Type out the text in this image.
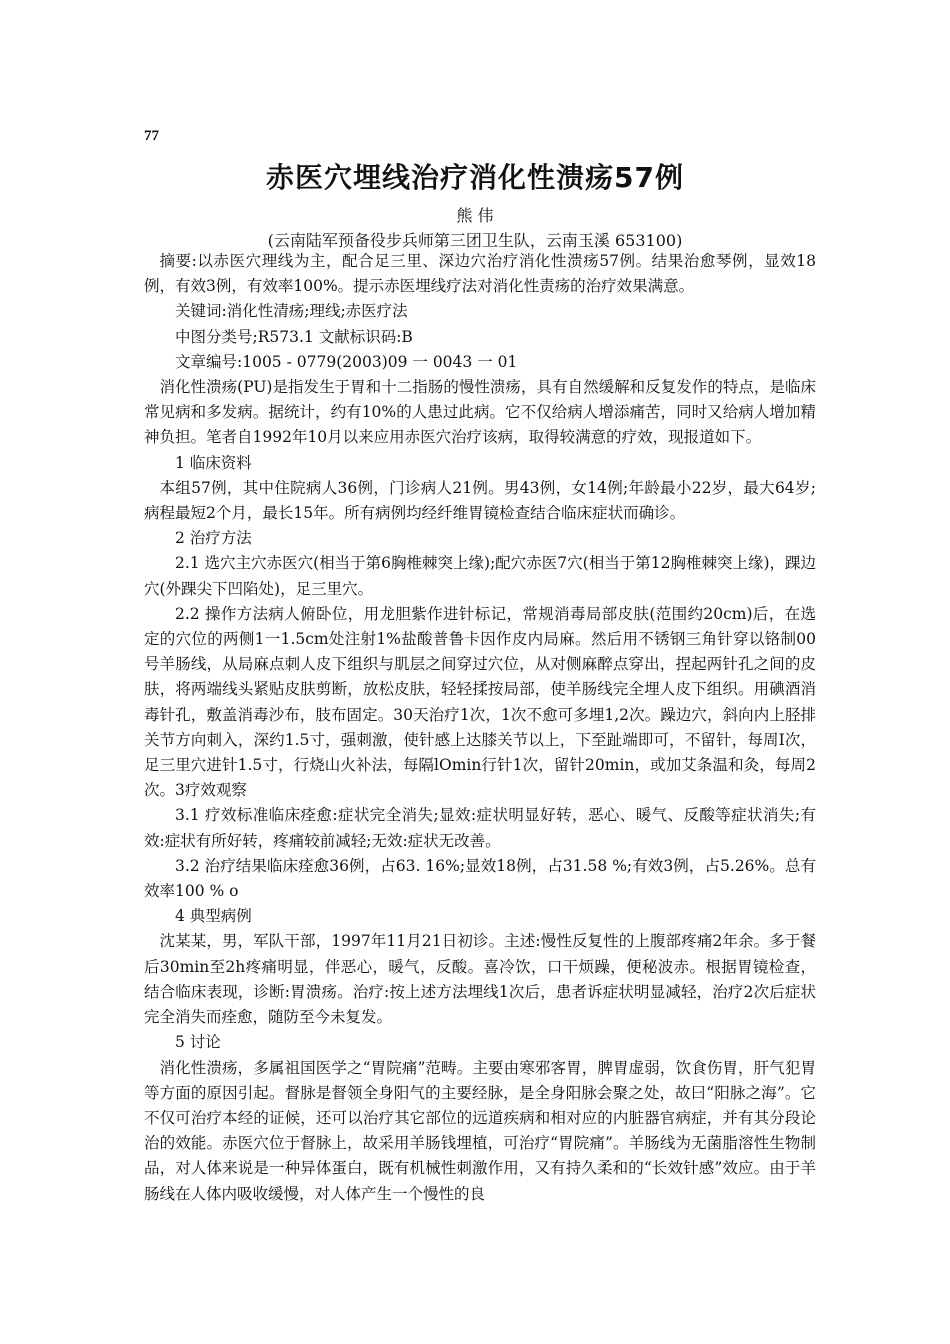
77
赤医穴埋线治疗消化性溃疡57例
熊 伟
(云南陆军预备役步兵师第三团卫生队，云南玉溪 653100)

摘要:以赤医穴理线为主，配合足三里、深边穴治疗消化性溃疡57例。结果治愈琴例，显效18例，有效3例，有效率100%。提示赤医埋线疗法对消化性责疡的治疗效果满意。

关键词:消化性清疡;理线;赤医疗法

中图分类号;R573.1 文献标识码:B

文章编号:1005 - 0779(2003)09 一 0043 一 01

消化性溃疡(PU)是指发生于胃和十二指肠的慢性溃疡，具有自然缓解和反复发作的特点，是临床常见病和多发病。据统计，约有10%的人患过此病。它不仅给病人增添痛苦，同时又给病人增加精神负担。笔者自1992年10月以来应用赤医穴治疗该病，取得较满意的疗效，现报道如下。

1 临床资料

本组57例，其中住院病人36例，门诊病人21例。男43例，女14例;年龄最小22岁，最大64岁;病程最短2个月，最长15年。所有病例均经纤维胃镜检查结合临床症状而确诊。

2 治疗方法

2.1 选穴主穴赤医穴(相当于第6胸椎棘突上缘);配穴赤医7穴(相当于第12胸椎棘突上缘)，踝边穴(外踝尖下凹陷处)，足三里穴。

2.2 操作方法病人俯卧位，用龙胆紫作进针标记，常规消毒局部皮肤(范围约20cm)后，在选定的穴位的两侧1一1.5cm处注射1%盐酸普鲁卡因作皮内局麻。然后用不锈钢三角针穿以铬制00号羊肠线，从局麻点刺人皮下组织与肌层之间穿过穴位，从对侧麻醉点穿出，捏起两针孔之间的皮肤，将两端线头紧贴皮肤剪断，放松皮肤，轻轻揉按局部，使羊肠线完全埋人皮下组织。用碘酒消毒针孔，敷盖消毒沙布，肢布固定。30天治疗1次，1次不愈可多埋1,2次。躁边穴，斜向内上胫排关节方向刺入，深约1.5寸，强刺激，使针感上达膝关节以上，下至趾端即可，不留针，每周I次，足三里穴进针1.5寸，行烧山火补法，每隔lOmin行针1次，留针20min，或加艾条温和灸，每周2次。3疗效观察

3.1 疗效标准临床痊愈:症状完全消失;显效:症状明显好转，恶心、暖气、反酸等症状消失;有效:症状有所好转，疼痛较前减轻;无效:症状无改善。

3.2 治疗结果临床痊愈36例，占63. 16%;显效18例，占31.58 %;有效3例，占5.26%。总有效率100 % o

4 典型病例

沈某某，男，军队干部，1997年11月21日初诊。主述:慢性反复性的上腹部疼痛2年余。多于餐后30min至2h疼痛明显，伴恶心，暖气，反酸。喜冷饮，口干烦躁，便秘波赤。根据胃镜检查，结合临床表现，诊断:胃溃疡。治疗:按上述方法埋线1次后，患者诉症状明显减轻，治疗2次后症状完全消失而痊愈，随防至今未复发。

5 讨论

消化性溃疡，多属祖国医学之“胃院痛”范畴。主要由寒邪客胃，脾胃虚弱，饮食伤胃，肝气犯胃等方面的原因引起。督脉是督领全身阳气的主要经脉，是全身阳脉会聚之处，故曰“阳脉之海”。它不仅可治疗本经的证候，还可以治疗其它部位的远道疾病和相对应的内脏器官病症，并有其分段论治的效能。赤医穴位于督脉上，故采用羊肠钱埋植，可治疗“胃院痛”。羊肠线为无菌脂溶性生物制品，对人体来说是一种异体蛋白，既有机械性刺激作用，又有持久柔和的“长效针感”效应。由于羊肠线在人体内吸收缓慢，对人体产生一个慢性的良
